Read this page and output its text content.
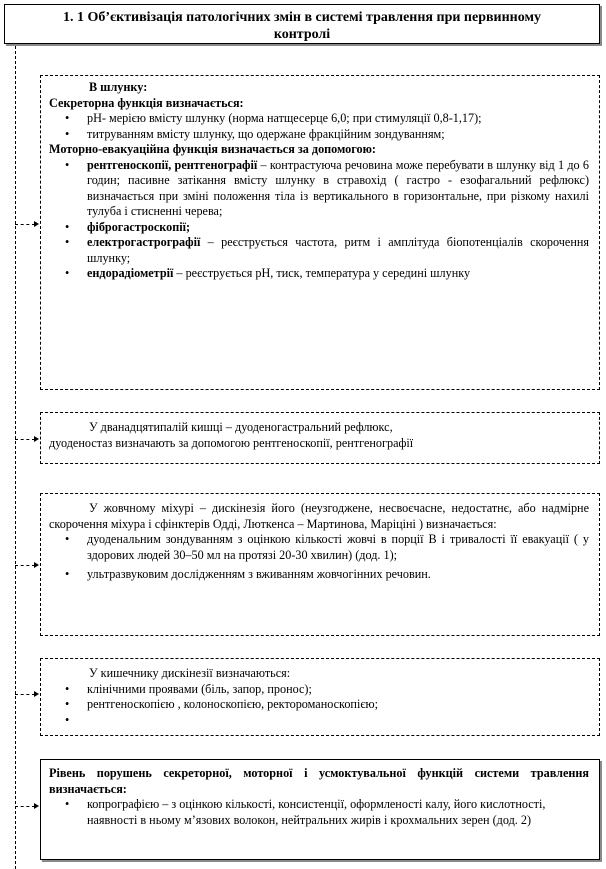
1. 1 Об’єктивізація патологічних змін в системі травлення при первинному
контролі
В шлунку:
Секреторна функція визначається:
• рН- мерією вмісту шлунку (норма натщесерце 6,0; при стимуляції 0,8-1,17);
• титруванням вмісту шлунку, що одержане фракційним зондуванням;
Моторно-евакуаційна функція визначається за допомогою:
• рентгеноскопії, рентгенографії – контрастуюча речовина може перебувати в шлунку від 1 до 6 годин; пасивне затікання вмісту шлунку в стравохід ( гастро - езофагальний рефлюкс) визначається при зміні положення тіла із вертикального в горизонтальне, при різкому нахилі тулуба і стисненні черева;
• фіброгастроскопії;
• електрогастрографії – реєструється частота, ритм і амплітуда біопотенціалів скорочення шлунку;
• ендорадіометрії – реєструється рН, тиск, температура у середині шлунку
У дванадцятипалій кишці – дуоденогастральний рефлюкс,
дуоденостаз визначають за допомогою рентгеноскопії, рентгенографії
У жовчному міхурі – дискінезія його (неузгоджене, несвоєчасне, недостатнє, або надмірне скорочення міхура і сфінктерів Одді, Люткенса – Мартинова, Маріціні ) визначається:
• дуоденальним зондуванням з оцінкою кількості жовчі в порції В і тривалості її евакуації ( у здорових людей 30–50 мл на протязі 20-30 хвилин) (дод. 1);
• ультразвуковим дослідженням з вживанням жовчогінних речовин.
У кишечнику дискінезії визначаються:
• клінічними проявами (біль, запор, пронос);
• рентгеноскопією , колоноскопією, ректороманоскопією;
•
Рівень порушень секреторної, моторної і усмоктувальної функцій системи травлення визначається:
• копрографією – з оцінкою кількості, консистенції, оформленості калу, його кислотності, наявності в ньому м’язових волокон, нейтральних жирів і крохмальних зерен (дод. 2)
